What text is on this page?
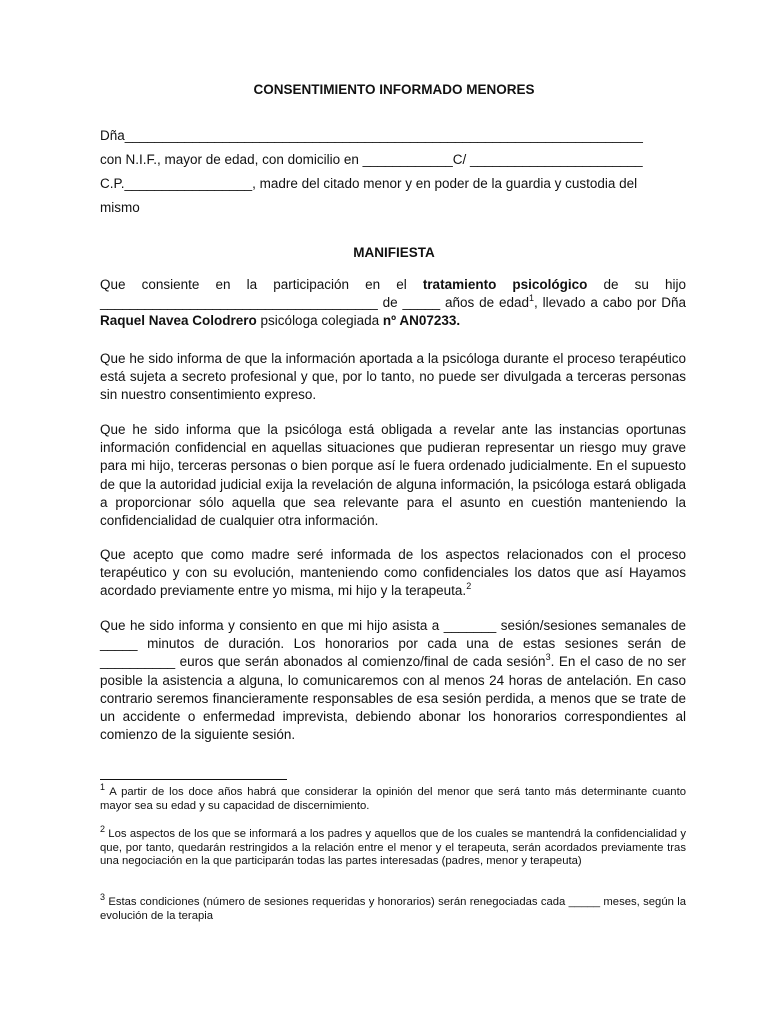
CONSENTIMIENTO INFORMADO MENORES
Dña_____________________________________________________________________
con N.I.F., mayor de edad, con domicilio en ____________C/ _______________________
C.P._________________, madre del citado menor y en poder de la guardia y custodia del
mismo
MANIFIESTA
Que consiente en la participación en el tratamiento psicológico de su hijo _____________________________________ de _____ años de edad$^1$, llevado a cabo por Dña Raquel Navea Colodrero psicóloga colegiada nº AN07233.
Que he sido informa de que la información aportada a la psicóloga durante el proceso terapéutico está sujeta a secreto profesional y que, por lo tanto, no puede ser divulgada a terceras personas sin nuestro consentimiento expreso.
Que he sido informa que la psicóloga está obligada a revelar ante las instancias oportunas información confidencial en aquellas situaciones que pudieran representar un riesgo muy grave para mi hijo, terceras personas o bien porque así le fuera ordenado judicialmente. En el supuesto de que la autoridad judicial exija la revelación de alguna información, la psicóloga estará obligada a proporcionar sólo aquella que sea relevante para el asunto en cuestión manteniendo la confidencialidad de cualquier otra información.
Que acepto que como madre seré informada de los aspectos relacionados con el proceso terapéutico y con su evolución, manteniendo como confidenciales los datos que así Hayamos acordado previamente entre yo misma, mi hijo y la terapeuta.$^2$
Que he sido informa y consiento en que mi hijo asista a _______ sesión/sesiones semanales de _____ minutos de duración. Los honorarios por cada una de estas sesiones serán de __________ euros que serán abonados al comienzo/final de cada sesión$^3$. En el caso de no ser posible la asistencia a alguna, lo comunicaremos con al menos 24 horas de antelación. En caso contrario seremos financieramente responsables de esa sesión perdida, a menos que se trate de un accidente o enfermedad imprevista, debiendo abonar los honorarios correspondientes al comienzo de la siguiente sesión.
$^1$ A partir de los doce años habrá que considerar la opinión del menor que será tanto más determinante cuanto mayor sea su edad y su capacidad de discernimiento.
$^2$ Los aspectos de los que se informará a los padres y aquellos que de los cuales se mantendrá la confidencialidad y que, por tanto, quedarán restringidos a la relación entre el menor y el terapeuta, serán acordados previamente tras una negociación en la que participarán todas las partes interesadas (padres, menor y terapeuta)
$^3$ Estas condiciones (número de sesiones requeridas y honorarios) serán renegociadas cada _____ meses, según la evolución de la terapia
